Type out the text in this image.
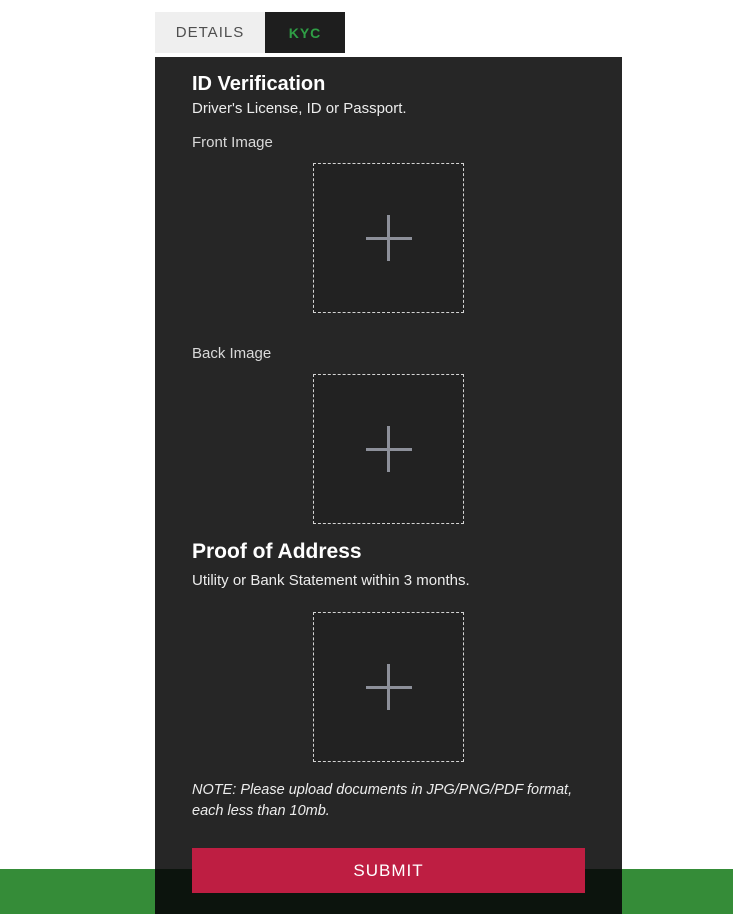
DETAILS	KYC
ID Verification
Driver's License, ID or Passport.
Front Image
Back Image
Proof of Address
Utility or Bank Statement within 3 months.
NOTE: Please upload documents in JPG/PNG/PDF format,
each less than 10mb.
SUBMIT
